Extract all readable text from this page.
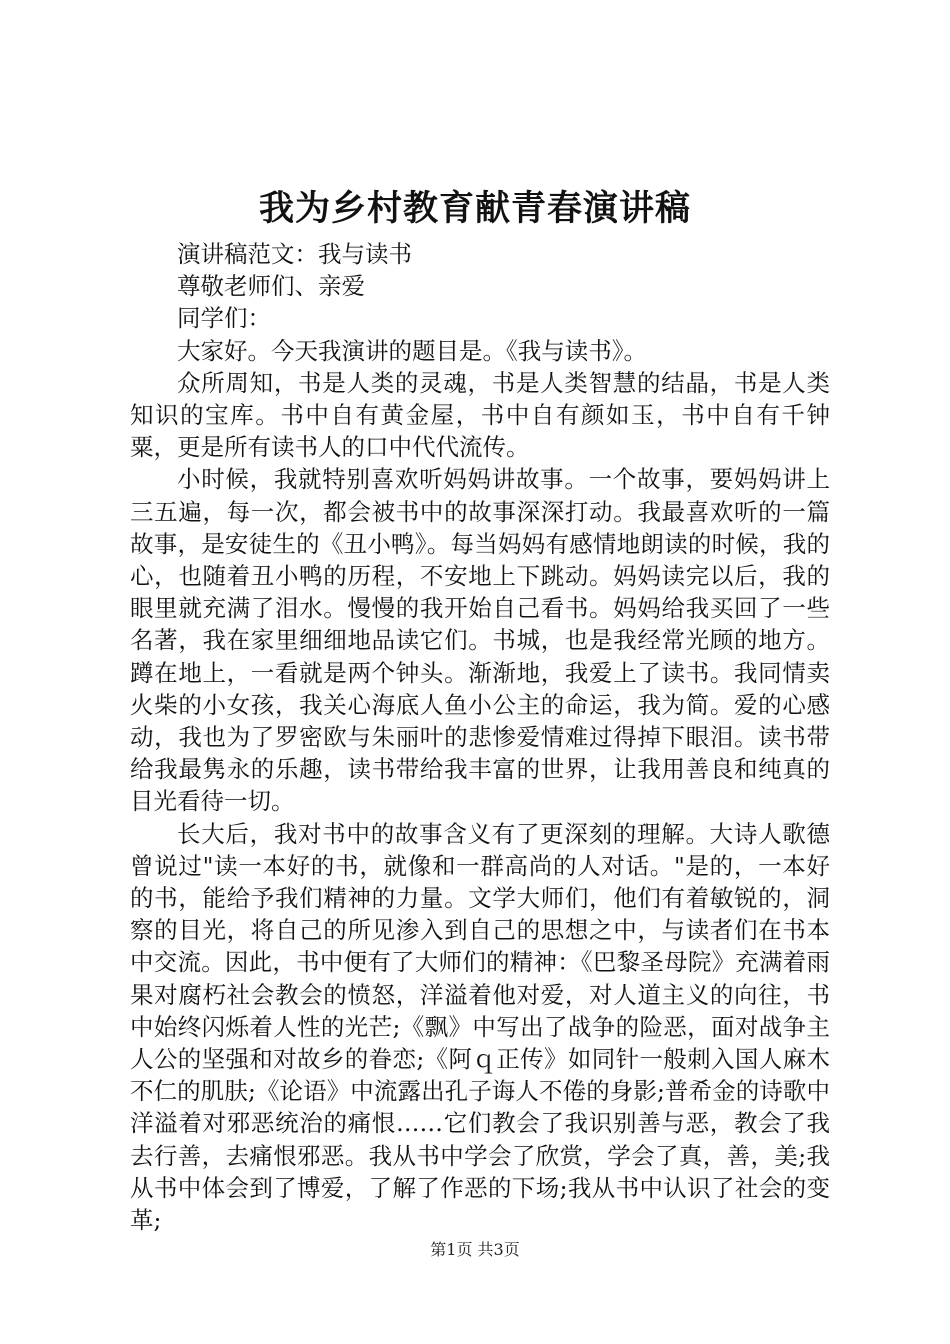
我为乡村教育献青春演讲稿

演讲稿范文：我与读书

尊敬老师们、亲爱

同学们：

大家好。今天我演讲的题目是。《我与读书》。

众所周知，书是人类的灵魂，书是人类智慧的结晶，书是人类知识的宝库。书中自有黄金屋，书中自有颜如玉，书中自有千钟粟，更是所有读书人的口中代代流传。

小时候，我就特别喜欢听妈妈讲故事。一个故事，要妈妈讲上三五遍，每一次，都会被书中的故事深深打动。我最喜欢听的一篇故事，是安徒生的《丑小鸭》。每当妈妈有感情地朗读的时候，我的心，也随着丑小鸭的历程，不安地上下跳动。妈妈读完以后，我的眼里就充满了泪水。慢慢的我开始自己看书。妈妈给我买回了一些名著，我在家里细细地品读它们。书城，也是我经常光顾的地方。蹲在地上，一看就是两个钟头。渐渐地，我爱上了读书。我同情卖火柴的小女孩，我关心海底人鱼小公主的命运，我为简。爱的心感动，我也为了罗密欧与朱丽叶的悲惨爱情难过得掉下眼泪。读书带给我最隽永的乐趣，读书带给我丰富的世界，让我用善良和纯真的目光看待一切。

长大后，我对书中的故事含义有了更深刻的理解。大诗人歌德曾说过"读一本好的书，就像和一群高尚的人对话。"是的，一本好的书，能给予我们精神的力量。文学大师们，他们有着敏锐的，洞察的目光，将自己的所见渗入到自己的思想之中，与读者们在书本中交流。因此，书中便有了大师们的精神：《巴黎圣母院》充满着雨果对腐朽社会教会的愤怒，洋溢着他对爱，对人道主义的向往，书中始终闪烁着人性的光芒;《飘》中写出了战争的险恶，面对战争主人公的坚强和对故乡的眷恋;《阿ｑ正传》如同针一般刺入国人麻木不仁的肌肤;《论语》中流露出孔子诲人不倦的身影;普希金的诗歌中洋溢着对邪恶统治的痛恨……它们教会了我识别善与恶，教会了我去行善，去痛恨邪恶。我从书中学会了欣赏，学会了真，善，美;我从书中体会到了博爱，了解了作恶的下场;我从书中认识了社会的变革;

第1页 共3页
